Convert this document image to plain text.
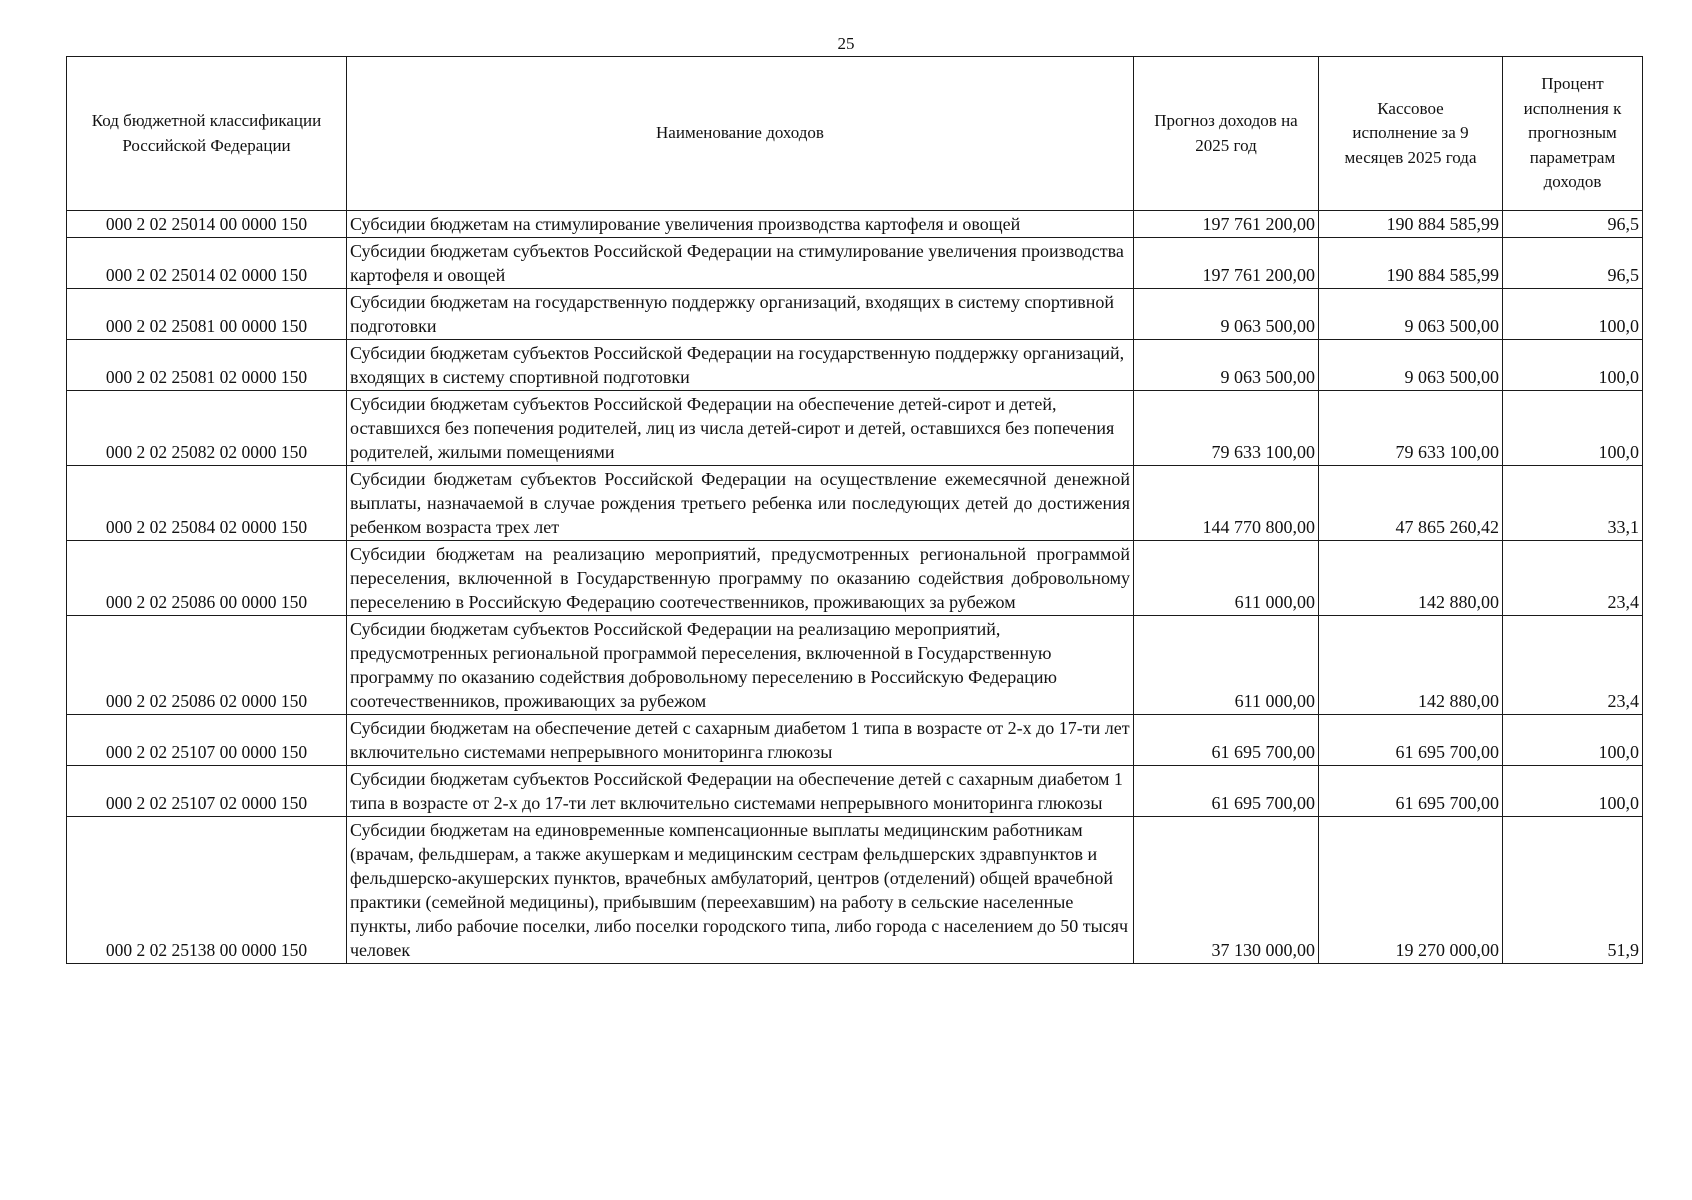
25
Код бюджетной классификации Российской Федерации	Наименование доходов	Прогноз доходов на 2025 год	Кассовое исполнение за 9 месяцев 2025 года	Процент исполнения к прогнозным параметрам доходов
000 2 02 25014 00 0000 150	Субсидии бюджетам на стимулирование увеличения производства картофеля и овощей	197 761 200,00	190 884 585,99	96,5
000 2 02 25014 02 0000 150	Субсидии бюджетам субъектов Российской Федерации на стимулирование увеличения производства картофеля и овощей	197 761 200,00	190 884 585,99	96,5
000 2 02 25081 00 0000 150	Субсидии бюджетам на государственную поддержку организаций, входящих в систему спортивной подготовки	9 063 500,00	9 063 500,00	100,0
000 2 02 25081 02 0000 150	Субсидии бюджетам субъектов Российской Федерации на государственную поддержку организаций, входящих в систему спортивной подготовки	9 063 500,00	9 063 500,00	100,0
000 2 02 25082 02 0000 150	Субсидии бюджетам субъектов Российской Федерации на обеспечение детей-сирот и детей, оставшихся без попечения родителей, лиц из числа детей-сирот и детей, оставшихся без попечения родителей, жилыми помещениями	79 633 100,00	79 633 100,00	100,0
000 2 02 25084 02 0000 150	Субсидии бюджетам субъектов Российской Федерации на осуществление ежемесячной денежной выплаты, назначаемой в случае рождения третьего ребенка или последующих детей до достижения ребенком возраста трех лет	144 770 800,00	47 865 260,42	33,1
000 2 02 25086 00 0000 150	Субсидии бюджетам на реализацию мероприятий, предусмотренных региональной программой переселения, включенной в Государственную программу по оказанию содействия добровольному переселению в Российскую Федерацию соотечественников, проживающих за рубежом	611 000,00	142 880,00	23,4
000 2 02 25086 02 0000 150	Субсидии бюджетам субъектов Российской Федерации на реализацию мероприятий, предусмотренных региональной программой переселения, включенной в Государственную программу по оказанию содействия добровольному переселению в Российскую Федерацию соотечественников, проживающих за рубежом	611 000,00	142 880,00	23,4
000 2 02 25107 00 0000 150	Субсидии бюджетам на обеспечение детей с сахарным диабетом 1 типа в возрасте от 2-х до 17-ти лет включительно системами непрерывного мониторинга глюкозы	61 695 700,00	61 695 700,00	100,0
000 2 02 25107 02 0000 150	Субсидии бюджетам субъектов Российской Федерации на обеспечение детей с сахарным диабетом 1 типа в возрасте от 2-х до 17-ти лет включительно системами непрерывного мониторинга глюкозы	61 695 700,00	61 695 700,00	100,0
000 2 02 25138 00 0000 150	Субсидии бюджетам на единовременные компенсационные выплаты медицинским работникам (врачам, фельдшерам, а также акушеркам и медицинским сестрам фельдшерских здравпунктов и фельдшерско-акушерских пунктов, врачебных амбулаторий, центров (отделений) общей врачебной практики (семейной медицины), прибывшим (переехавшим) на работу в сельские населенные пункты, либо рабочие поселки, либо поселки городского типа, либо города с населением до 50 тысяч человек	37 130 000,00	19 270 000,00	51,9
